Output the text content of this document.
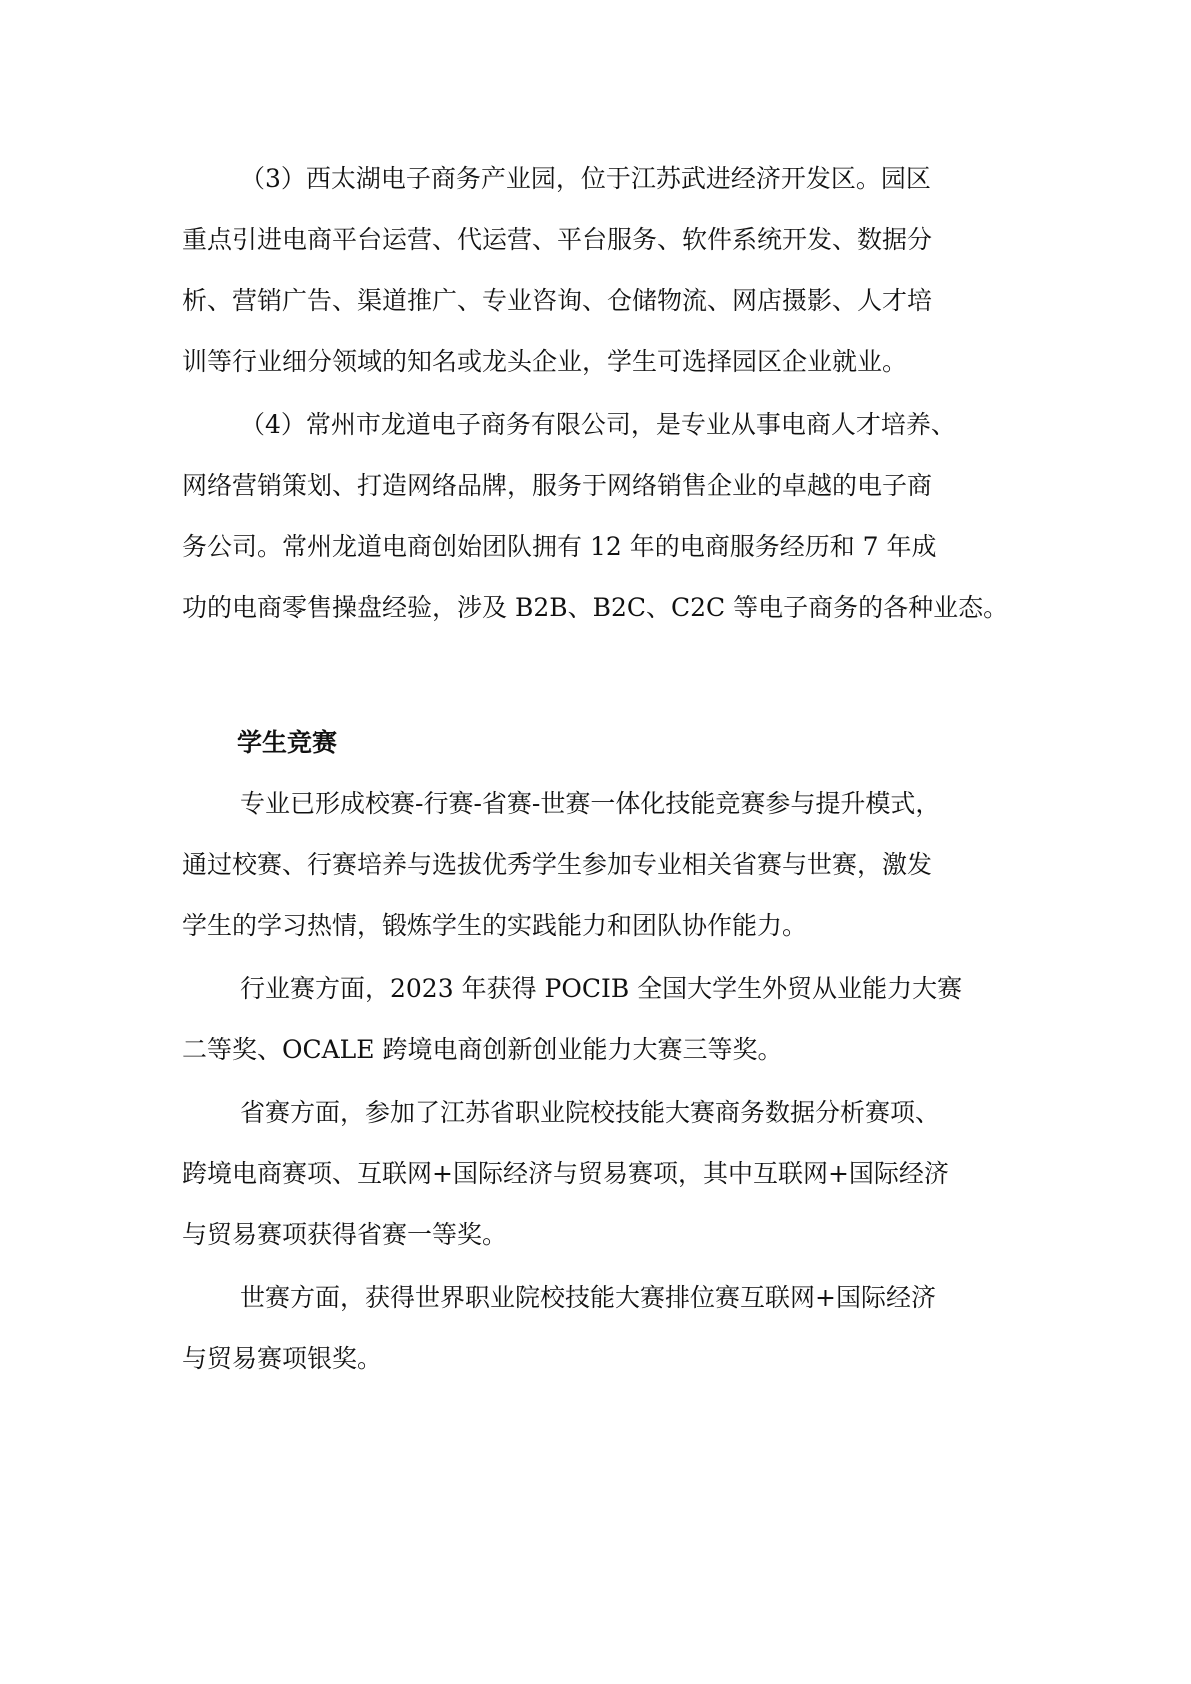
（3）西太湖电子商务产业园，位于江苏武进经济开发区。园区
重点引进电商平台运营、代运营、平台服务、软件系统开发、数据分
析、营销广告、渠道推广、专业咨询、仓储物流、网店摄影、人才培
训等行业细分领域的知名或龙头企业，学生可选择园区企业就业。
（4）常州市龙道电子商务有限公司，是专业从事电商人才培养、
网络营销策划、打造网络品牌，服务于网络销售企业的卓越的电子商
务公司。常州龙道电商创始团队拥有 12 年的电商服务经历和 7 年成
功的电商零售操盘经验，涉及 B2B、B2C、C2C 等电子商务的各种业态。
学生竞赛
专业已形成校赛-行赛-省赛-世赛一体化技能竞赛参与提升模式，
通过校赛、行赛培养与选拔优秀学生参加专业相关省赛与世赛，激发
学生的学习热情，锻炼学生的实践能力和团队协作能力。
行业赛方面，2023 年获得 POCIB 全国大学生外贸从业能力大赛
二等奖、OCALE 跨境电商创新创业能力大赛三等奖。
省赛方面，参加了江苏省职业院校技能大赛商务数据分析赛项、
跨境电商赛项、互联网+国际经济与贸易赛项，其中互联网+国际经济
与贸易赛项获得省赛一等奖。
世赛方面，获得世界职业院校技能大赛排位赛互联网+国际经济
与贸易赛项银奖。
